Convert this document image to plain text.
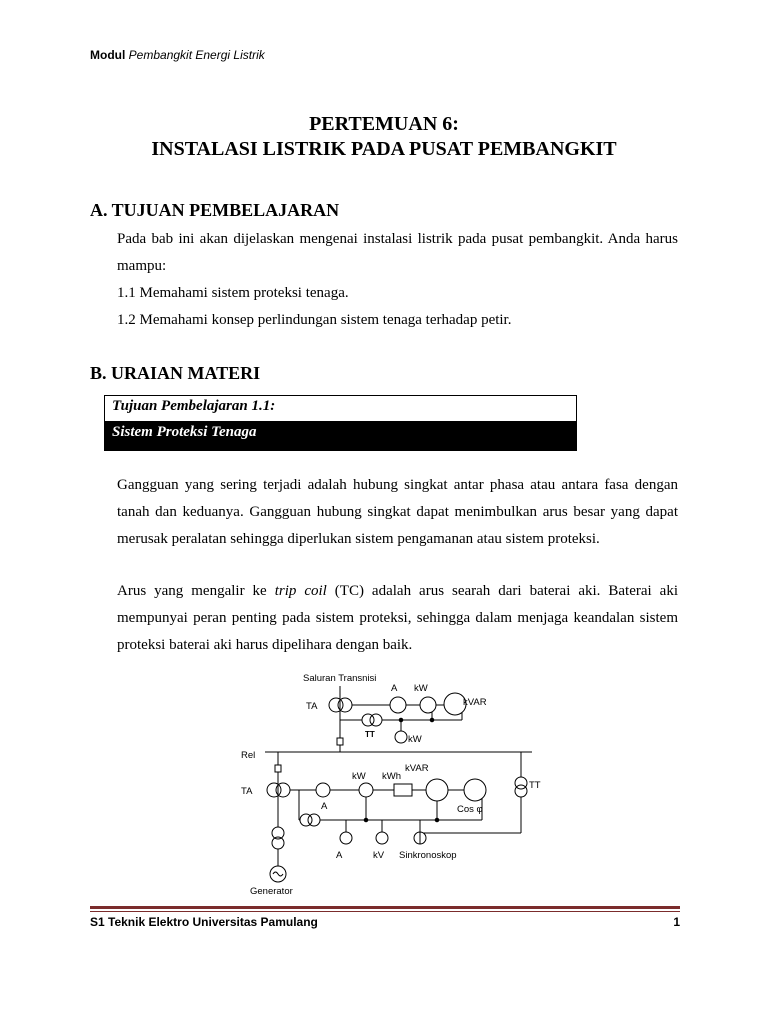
Modul Pembangkit Energi Listrik
PERTEMUAN 6:
INSTALASI LISTRIK PADA PUSAT PEMBANGKIT
A. TUJUAN PEMBELAJARAN
Pada bab ini akan dijelaskan mengenai instalasi listrik pada pusat pembangkit. Anda harus mampu:
1.1 Memahami sistem proteksi tenaga.
1.2 Memahami konsep perlindungan sistem tenaga terhadap petir.
B. URAIAN MATERI
Tujuan Pembelajaran 1.1:
Sistem Proteksi Tenaga
Gangguan yang sering terjadi adalah hubung singkat antar phasa atau antara fasa dengan tanah dan keduanya. Gangguan hubung singkat dapat menimbulkan arus besar yang dapat merusak peralatan sehingga diperlukan sistem pengamanan atau sistem proteksi.
Arus yang mengalir ke trip coil (TC) adalah arus searah dari baterai aki. Baterai aki mempunyai peran penting pada sistem proteksi, sehingga dalam menjaga keandalan sistem proteksi baterai aki harus dipelihara dengan baik.
Saluran Transnisi
TA
A kW
kVAR
TT	kW
Rel
TA
kVAR
kW kWh
A	Cos φ
TT
A	kV Sinkronoskop
Generator
S1 Teknik Elektro Universitas Pamulang	1
